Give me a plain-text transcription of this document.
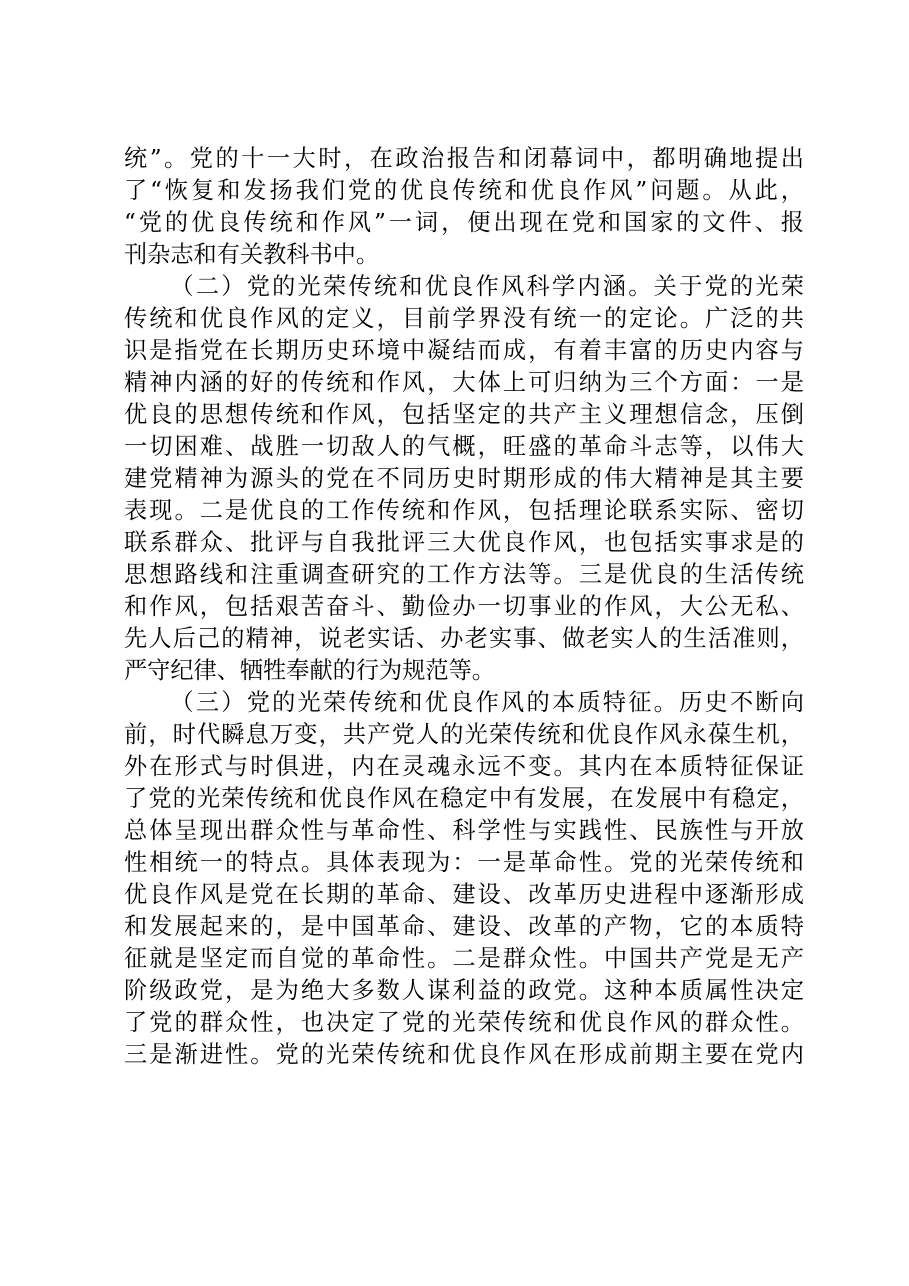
统”。党的十一大时，在政治报告和闭幕词中，都明确地提出
了“恢复和发扬我们党的优良传统和优良作风”问题。从此，
“党的优良传统和作风”一词，便出现在党和国家的文件、报
刊杂志和有关教科书中。
（二）党的光荣传统和优良作风科学内涵。关于党的光荣
传统和优良作风的定义，目前学界没有统一的定论。广泛的共
识是指党在长期历史环境中凝结而成，有着丰富的历史内容与
精神内涵的好的传统和作风，大体上可归纳为三个方面：一是
优良的思想传统和作风，包括坚定的共产主义理想信念，压倒
一切困难、战胜一切敌人的气概，旺盛的革命斗志等，以伟大
建党精神为源头的党在不同历史时期形成的伟大精神是其主要
表现。二是优良的工作传统和作风，包括理论联系实际、密切
联系群众、批评与自我批评三大优良作风，也包括实事求是的
思想路线和注重调查研究的工作方法等。三是优良的生活传统
和作风，包括艰苦奋斗、勤俭办一切事业的作风，大公无私、
先人后己的精神，说老实话、办老实事、做老实人的生活准则，
严守纪律、牺牲奉献的行为规范等。
（三）党的光荣传统和优良作风的本质特征。历史不断向
前，时代瞬息万变，共产党人的光荣传统和优良作风永葆生机，
外在形式与时俱进，内在灵魂永远不变。其内在本质特征保证
了党的光荣传统和优良作风在稳定中有发展，在发展中有稳定，
总体呈现出群众性与革命性、科学性与实践性、民族性与开放
性相统一的特点。具体表现为：一是革命性。党的光荣传统和
优良作风是党在长期的革命、建设、改革历史进程中逐渐形成
和发展起来的，是中国革命、建设、改革的产物，它的本质特
征就是坚定而自觉的革命性。二是群众性。中国共产党是无产
阶级政党，是为绝大多数人谋利益的政党。这种本质属性决定
了党的群众性，也决定了党的光荣传统和优良作风的群众性。
三是渐进性。党的光荣传统和优良作风在形成前期主要在党内
